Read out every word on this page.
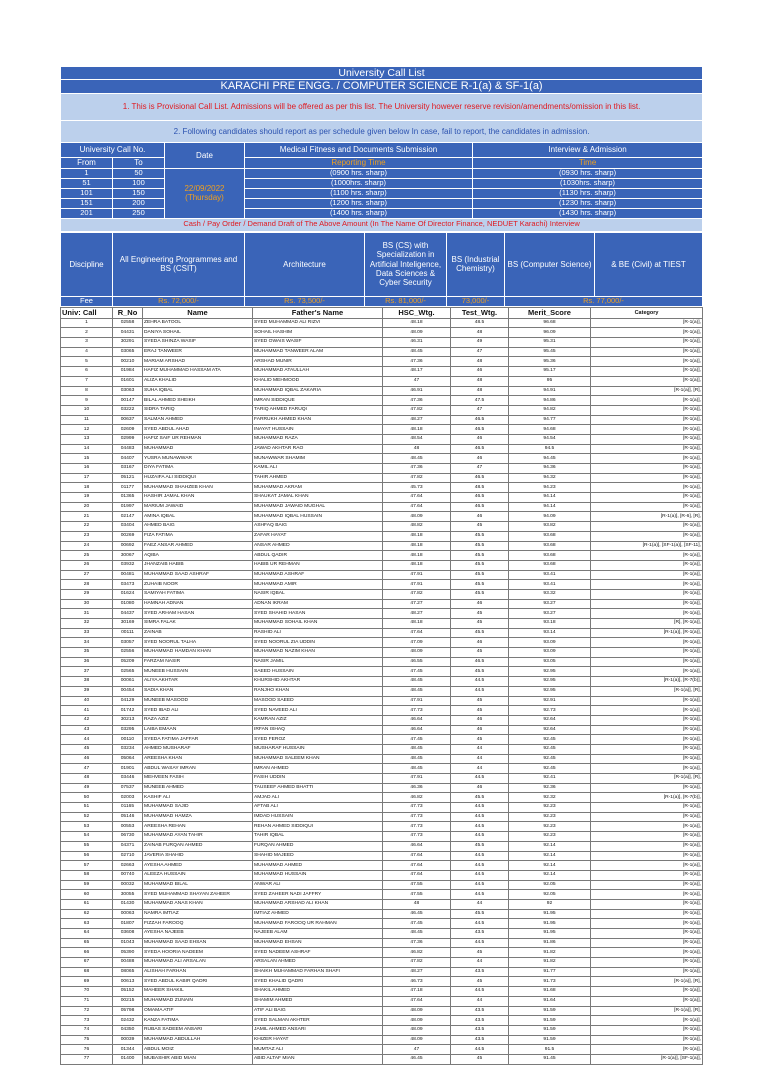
University Call List				
KARACHI PRE ENGG. / COMPUTER SCIENCE R-1(a) & SF-1(a)				
1. This is Provisional Call List. Admissions will be offered as per this list. The University however reserve revision/amendments/omission in this list.				
2. Following candidates should report as per schedule given below In case, fail to report, the candidates in admission.				
University Call No.		Date	Medical Fitness and Documents Submission	Interview & Admission
From	To		Reporting Time	Time
1	50	22/09/2022 (Thursday)	(0900 hrs. sharp)	(0930 hrs. sharp)
51	100		(1000hrs. sharp)	(1030hrs. sharp)
101	150		(1100 hrs. sharp)	(1130 hrs. sharp)
151	200		(1200 hrs. sharp)	(1230 hrs. sharp)
201	250		(1400 hrs. sharp)	(1430 hrs. sharp)
Cash / Pay Order / Demand Draft of The Above Amount (In The Name Of Director Finance, NEDUET Karachi) Interview				
Discipline	All Engineering Programmes and BS (CSIT)	Architecture	BS (CS) with Specialization in Artificial Inteligence, Data Sciences & Cyber Security	BS (Industrial Chemistry)	BS (Computer Science)	& BE (Civil) at TIEST
Fee	Rs. 72,000/-	Rs. 73,500/-	Rs. 81,000/-	73,000/-	Rs. 77,000/-	
Univ: Call	R_No	Name	Father's Name	HSC_Wtg.	Test_Wtg.	Merit_Score	Category
1	02558	ZEHRA BATOOL	SYED MUHAMMAD ALI RIZVI	48.18	48.5	96.68	[R-1(a)],
2	04431	DANIYA SOHAIL	SOHAIL HASHIM	48.09	48	96.09	[R-1(a)],
3	30291	SYEDA SHINZA WASIF	SYED OWAIS WASIF	46.31	49	95.31	[R-1(a)],
4	03065	ERAJ TANWEER	MUHAMMAD TANWEER ALAM	48.45	47	95.45	[R-1(a)],
5	00210	MARIAM ARSHAD	ARSHAD MUNIR	47.36	48	95.36	[R-1(a)],
6	01984	HAFIZ MUHAMMAD HASSAM ATA	MUHAMMAD ATAULLAH	48.17	46	95.17	[R-1(a)],
7	01601	ALIZA KHALID	KHALID MEHMOOD	47	48	95	[R-1(a)],
8	03063	SUHA IQBAL	MUHAMMAD IQBAL ZAKARIA	46.91	48	94.91	[R-1(a)], [R],
9	00147	BILAL AHMED SHEIKH	IMRAN SIDDIQUE	47.36	47.5	94.86	[R-1(a)],
10	03222	SIDRA TARIQ	TARIQ AHMED FARUQI	47.82	47	94.82	[R-1(a)],
11	00637	SALMAN AHMED	FARRUKH AHMED KHAN	48.27	46.5	94.77	[R-1(a)],
12	02609	SYED ABDUL AHAD	INAYAT HUSSAIN	48.18	46.5	94.68	[R-1(a)],
13	02999	HAFIZ SAIF UR REHMAN	MUHAMMAD RAZA	48.54	46	94.54	[R-1(a)],
14	04483	MUHAMMAD	JAWAD AKHTAR RAO	48	46.5	94.5	[R-1(a)],
15	04407	YUSRA MUNAWWAR	MUNAWWAR SHAMIM	48.45	46	94.45	[R-1(a)],
16	03167	DIYA FATIMA	KAMIL ALI	47.36	47	94.36	[R-1(a)],
17	05121	HUZAIFA ALI SIDDIQUI	TAHIR AHMED	47.82	46.5	94.32	[R-1(a)],
18	01177	MUHAMMAD SHAHZEB KHAN	MUHAMMAD AKRAM	45.73	48.5	94.23	[R-1(a)],
19	01365	HASHIR JAMAL KHAN	SHAUKAT JAMAL KHAN	47.64	46.5	94.14	[R-1(a)],
20	01997	MARIUM JAWAID	MUHAMMAD JAWAID MUGHAL	47.64	46.5	94.14	[R-1(a)],
21	02147	AMINA IQBAL	MUHAMMAD IQBAL HUSSAIN	48.09	46	94.09	[R-1(a)], [R-6], [R],
22	03404	AHMED BAIG	ASHFAQ BAIG	48.82	45	93.82	[R-1(a)],
23	00269	FIZA FATIMA	ZAFAR HAYAT	48.18	45.5	93.68	[R-1(a)],
24	00692	FAEZ ANSAR AHMED	ANSAR AHMED	48.18	45.5	93.68	[R-1(a)], [SF-1(a)], [SF-11],
25	30067	AQIBA	ABDUL QADIR	48.18	45.5	93.68	[R-1(a)],
26	03932	JHANZAIB HABIB	HABIB UR REHMAN	48.18	45.5	93.68	[R-1(a)],
27	00481	MUHAMMAD SAAD ASHRAF	MUHAMMAD ASHRAF	47.91	45.5	93.41	[R-1(a)],
28	03473	ZUHAIB NOOR	MUHAMMAD AMIR	47.91	45.5	93.41	[R-1(a)],
29	01624	SAMIYAH FATIMA	NASIR IQBAL	47.82	45.5	93.32	[R-1(a)],
30	01080	HAMNAH ADNAN	ADNAN IKRAM	47.27	46	93.27	[R-1(a)],
31	04437	SYED ARHAM HASAN	SYED SHAHID HASAN	48.27	45	93.27	[R-1(a)],
32	30169	SIMRA FALAK	MUHAMMAD SOHAIL KHAN	48.18	45	93.18	[R], [R-1(a)],
33	00111	ZAINAB	RASHID ALI	47.64	45.5	93.14	[R-1(a)], [R-1(a)],
34	03057	SYED NOORUL TALHA	SYED NOORUL ZIA UDDIN	47.09	46	93.09	[R-1(a)],
35	02556	MUHAMMAD HAMDAN KHAN	MUHAMMAD NAZIM KHAN	48.09	45	93.09	[R-1(a)],
36	05209	FARZAM NASIR	NASIR JAMIL	46.55	46.5	93.05	[R-1(a)],
37	02565	MUNEEB HUSSAIN	SAEED HUSSAIN	47.45	45.5	92.95	[R-1(a)],
38	00061	ALIYA AKHTAR	KHURSHID AKHTAR	48.45	44.5	92.95	[R-1(a)], [R-7(b)],
39	00454	SADIA KHAN	RANJHO KHAN	48.45	44.5	92.95	[R-1(a)], [R],
40	04129	MUNEEB MASOOD	MASOOD SAEED	47.91	45	92.91	[R-1(a)],
41	01742	SYED IBAD ALI	SYED NAVEED ALI	47.73	45	92.73	[R-1(a)],
42	30213	RAZA AZIZ	KAMRAN AZIZ	46.64	46	92.64	[R-1(a)],
43	03295	LAIBA EMAAN	IRFAN ISHAQ	46.64	46	92.64	[R-1(a)],
44	00110	SYEDA FATIMA JAFFAR	SYED FEROZ	47.45	45	92.45	[R-1(a)],
45	03234	AHMED MUSHARAF	MUSHARAF HUSSAIN	48.45	44	92.45	[R-1(a)],
46	05064	AREESHA KHAN	MUHAMMAD SALEEM KHAN	48.45	44	92.45	[R-1(a)],
47	01901	ABDUL WASAY IMRAN	IMRAN AHMED	48.45	44	92.45	[R-1(a)],
48	03446	MEHVEEN FASIH	FASIH UDDIN	47.91	44.5	92.41	[R-1(a)], [R],
49	07537	MUNEEB AHMED	TAUSEEF AHMED BHATTI	46.36	46	92.36	[R-1(a)],
50	02003	KASHIF ALI	AMJAD ALI	46.82	45.5	92.32	[R-1(a)], [R-7(b)],
51	01165	MUHAMMAD SAJID	AFTAB ALI	47.73	44.5	92.23	[R-1(a)],
52	05146	MUHAMMAD HAMZA	IMDAD HUSSAIN	47.73	44.5	92.23	[R-1(a)],
53	00553	AREESHA REHAN	REHAN AHMED SIDDIQUI	47.73	44.5	92.23	[R-1(a)],
54	06730	MUHAMMAD AYAN TAHIR	TAHIR IQBAL	47.73	44.5	92.23	[R-1(a)],
55	04371	ZAINAB FURQAN AHMED	FURQAN AHMED	46.64	45.5	92.14	[R-1(a)],
56	02710	JAVERIA SHAHID	SHAHID MAJEED	47.64	44.5	92.14	[R-1(a)],
57	02663	AYESHA AHMED	MUHAMMAD AHMED	47.64	44.5	92.14	[R-1(a)],
58	00740	ALEEZA HUSSAIN	MUHAMMAD HUSSAIN	47.64	44.5	92.14	[R-1(a)],
59	00032	MUHAMMAD BILAL	ANWAR ALI	47.55	44.5	92.05	[R-1(a)],
60	30055	SYED MUHAMMAD SHAYAN ZAHEER	SYED ZAHEER NADI JAFFRY	47.55	44.5	92.05	[R-1(a)],
61	01430	MUHAMMAD ANAS KHAN	MUHAMMAD ARSHAD ALI KHAN	48	44	92	[R-1(a)],
62	00063	NAMRA IMTIAZ	IMTIAZ AHMED	46.45	45.5	91.95	[R-1(a)],
63	01807	FIZZAH FAROOQ	MUHAMMAD FAROOQ UR RAHMAN	47.45	44.5	91.95	[R-1(a)],
64	03608	AYESHA NAJEEB	NAJEEB ALAM	48.45	43.5	91.95	[R-1(a)],
65	01043	MUHAMMAD SAAD EHSAN	MUHAMMAD EHSAN	47.36	44.5	91.86	[R-1(a)],
66	05390	SYEDA HOORIA NADEEM	SYED NADEEM ASHRAF	46.82	45	91.82	[R-1(a)],
67	00488	MUHAMMAD ALI ARSALAN	ARSALAN AHMED	47.82	44	91.82	[R-1(a)],
68	08065	ALISHAH FARHAN	SHAIKH MUHAMMAD FARHAN SHAFI	48.27	43.5	91.77	[R-1(a)],
69	00613	SYED ABDUL KABIR QADRI	SYED KHALID QADRI	46.73	45	91.73	[R-1(a)], [R],
70	05152	MAHEER SHAKIL	SHAKIL AHMED	47.18	44.5	91.68	[R-1(a)],
71	00215	MUHAMMAD ZUNAIN	SHAMIM AHMED	47.64	44	91.64	[R-1(a)],
72	05798	OMAMA ATIF	ATIF ALI BAIG	48.09	43.5	91.59	[R-1(a)], [R],
73	02432	KANZA FATIMA	SYED SALMAN AKHTER	48.09	43.5	91.59	[R-1(a)],
74	04350	RUBAS SADEEM ANSARI	JAMIL AHMED ANSARI	48.09	43.5	91.59	[R-1(a)],
75	00039	MUHAMMAD ABDULLAH	KHIZER HAYAT	48.09	43.5	91.59	[R-1(a)],
76	01344	ABDUL MOIZ	MUMTAZ ALI	47	44.5	91.5	[R-1(a)],
77	01400	MUBASHIR ABID MIAN	ABID ALTAF MIAN	46.45	45	91.45	[R-1(a)], [SF-1(a)],
